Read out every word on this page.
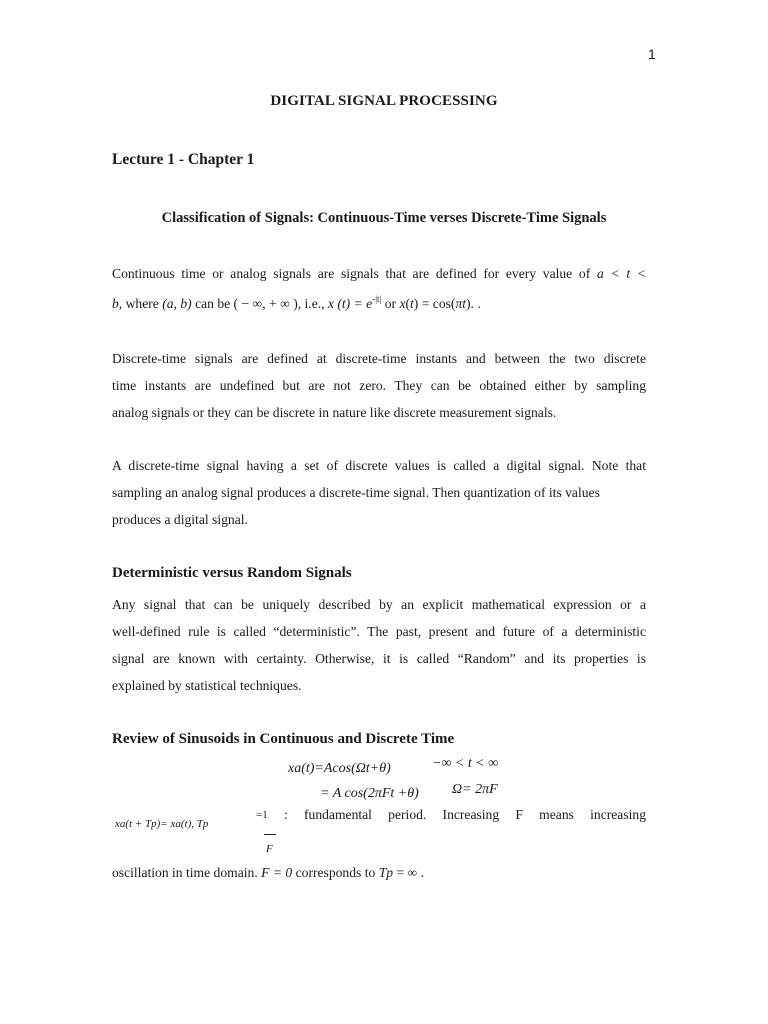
1
DIGITAL SIGNAL PROCESSING
Lecture 1 - Chapter 1
Classification of Signals: Continuous-Time verses Discrete-Time Signals
Continuous time or analog signals are signals that are defined for every value of a < t <
b, where (a, b) can be ( − ∞, + ∞ ), i.e., x $(t) = e^{-|t|}$ or x(t) = cos(πt). .
Discrete-time signals are defined at discrete-time instants and between the two discrete
time instants are undefined but are not zero. They can be obtained either by sampling
analog signals or they can be discrete in nature like discrete measurement signals.
A discrete-time signal having a set of discrete values is called a digital signal. Note that
sampling an analog signal produces a discrete-time signal. Then quantization of its values
produces a digital signal.
Deterministic versus Random Signals
Any signal that can be uniquely described by an explicit mathematical expression or a
well-defined rule is called “deterministic”. The past, present and future of a deterministic
signal are known with certainty. Otherwise, it is called “Random” and its properties is
explained by statistical techniques.
Review of Sinusoids in Continuous and Discrete Time
xa(t)=Acos(Ωt+θ)	−∞ < t < ∞
= A cos(2πFt +θ) Ω= 2πF
xa(t + Tp)= xa(t), Tp
=1
F
: fundamental period. Increasing F means increasing
oscillation in time domain. F = 0 corresponds to Tp = ∞ .
